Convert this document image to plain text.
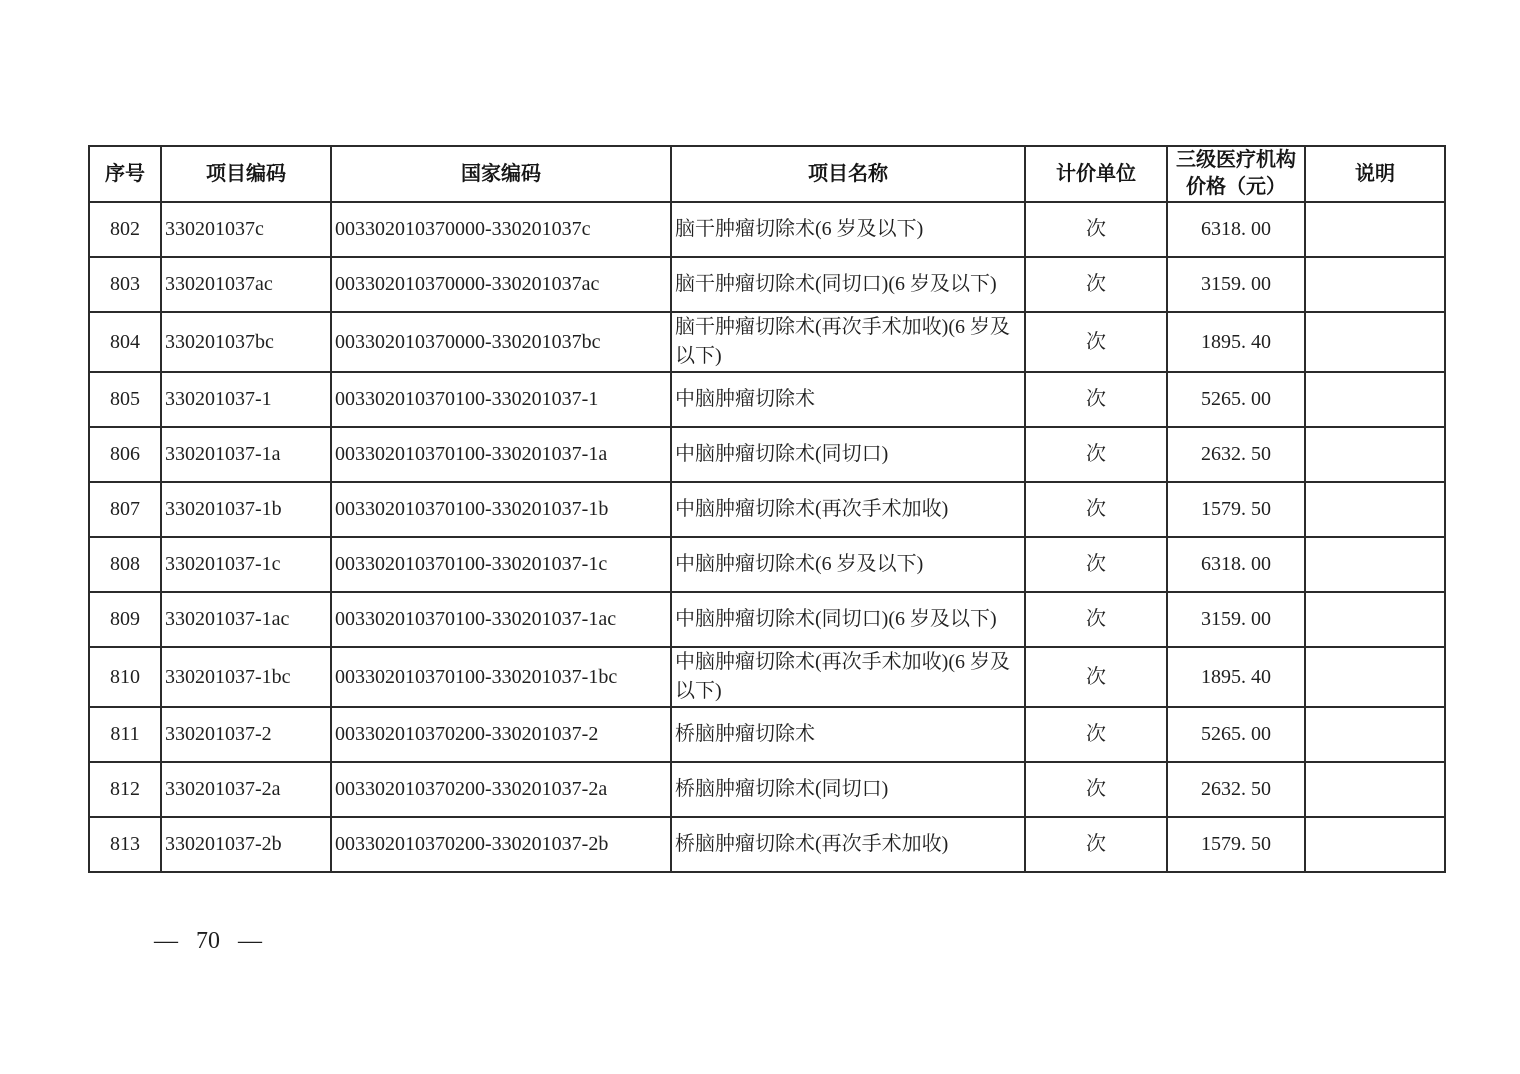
序号	项目编码	国家编码	项目名称	计价单位	三级医疗机构价格（元）	说明
802	330201037c	003302010370000-330201037c	脑干肿瘤切除术(6 岁及以下)	次	6318. 00	
803	330201037ac	003302010370000-330201037ac	脑干肿瘤切除术(同切口)(6 岁及以下)	次	3159. 00	
804	330201037bc	003302010370000-330201037bc	脑干肿瘤切除术(再次手术加收)(6 岁及以下)	次	1895. 40	
805	330201037-1	003302010370100-330201037-1	中脑肿瘤切除术	次	5265. 00	
806	330201037-1a	003302010370100-330201037-1a	中脑肿瘤切除术(同切口)	次	2632. 50	
807	330201037-1b	003302010370100-330201037-1b	中脑肿瘤切除术(再次手术加收)	次	1579. 50	
808	330201037-1c	003302010370100-330201037-1c	中脑肿瘤切除术(6 岁及以下)	次	6318. 00	
809	330201037-1ac	003302010370100-330201037-1ac	中脑肿瘤切除术(同切口)(6 岁及以下)	次	3159. 00	
810	330201037-1bc	003302010370100-330201037-1bc	中脑肿瘤切除术(再次手术加收)(6 岁及以下)	次	1895. 40	
811	330201037-2	003302010370200-330201037-2	桥脑肿瘤切除术	次	5265. 00	
812	330201037-2a	003302010370200-330201037-2a	桥脑肿瘤切除术(同切口)	次	2632. 50	
813	330201037-2b	003302010370200-330201037-2b	桥脑肿瘤切除术(再次手术加收)	次	1579. 50	
— 70 —
